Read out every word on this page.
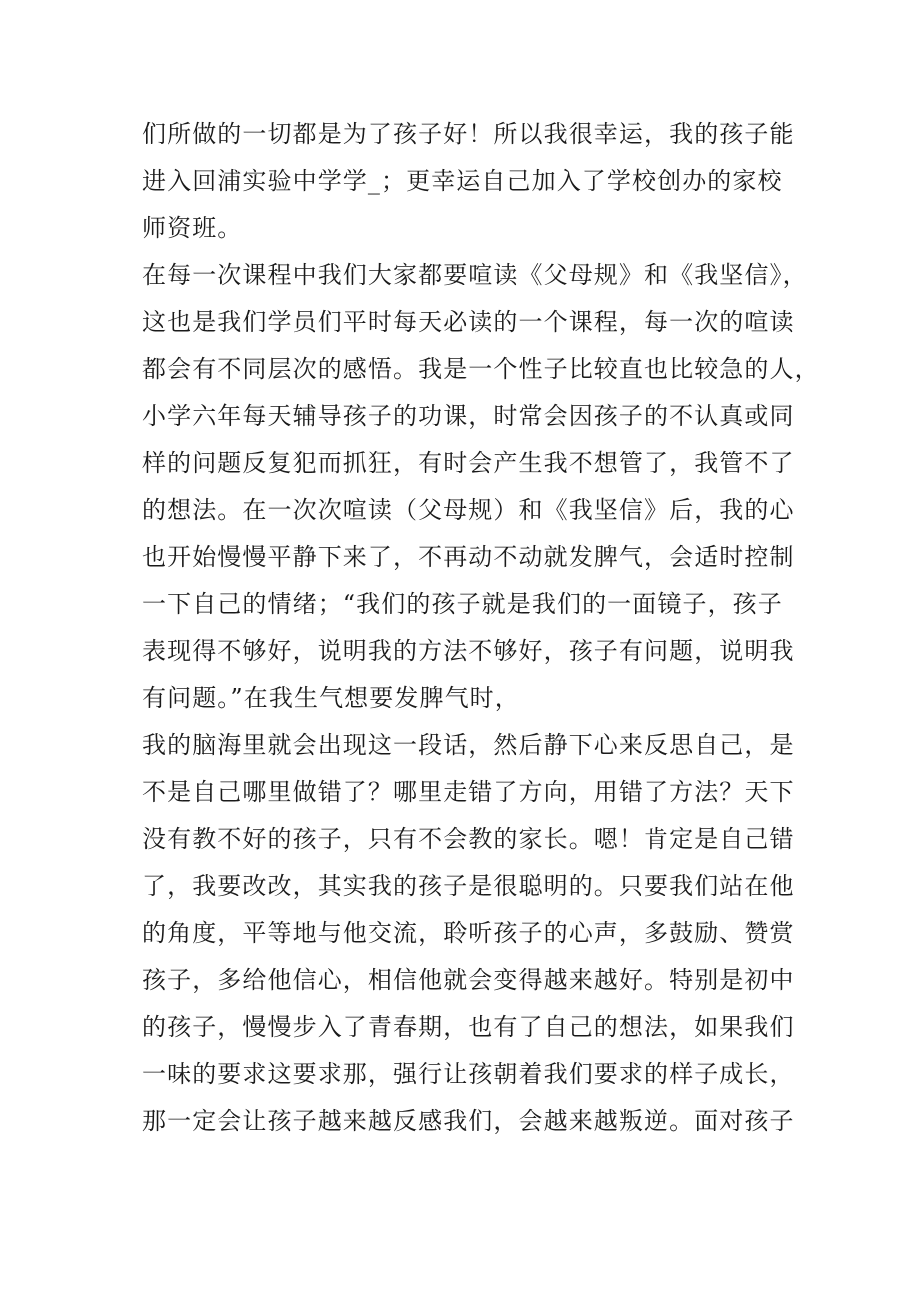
们所做的一切都是为了孩子好！所以我很幸运，我的孩子能
进入回浦实验中学学_；更幸运自己加入了学校创办的家校
师资班。
在每一次课程中我们大家都要喧读《父母规》和《我坚信》，
这也是我们学员们平时每天必读的一个课程，每一次的喧读
都会有不同层次的感悟。我是一个性子比较直也比较急的人，
小学六年每天辅导孩子的功课，时常会因孩子的不认真或同
样的问题反复犯而抓狂，有时会产生我不想管了，我管不了
的想法。在一次次喧读（父母规）和《我坚信》后，我的心
也开始慢慢平静下来了，不再动不动就发脾气，会适时控制
一下自己的情绪；“我们的孩子就是我们的一面镜子，孩子
表现得不够好，说明我的方法不够好，孩子有问题，说明我
有问题。”在我生气想要发脾气时，
我的脑海里就会出现这一段话，然后静下心来反思自己，是
不是自己哪里做错了？哪里走错了方向，用错了方法？天下
没有教不好的孩子，只有不会教的家长。嗯！肯定是自己错
了，我要改改，其实我的孩子是很聪明的。只要我们站在他
的角度，平等地与他交流，聆听孩子的心声，多鼓励、赞赏
孩子，多给他信心，相信他就会变得越来越好。特别是初中
的孩子，慢慢步入了青春期，也有了自己的想法，如果我们
一味的要求这要求那，强行让孩朝着我们要求的样子成长，
那一定会让孩子越来越反感我们，会越来越叛逆。面对孩子
